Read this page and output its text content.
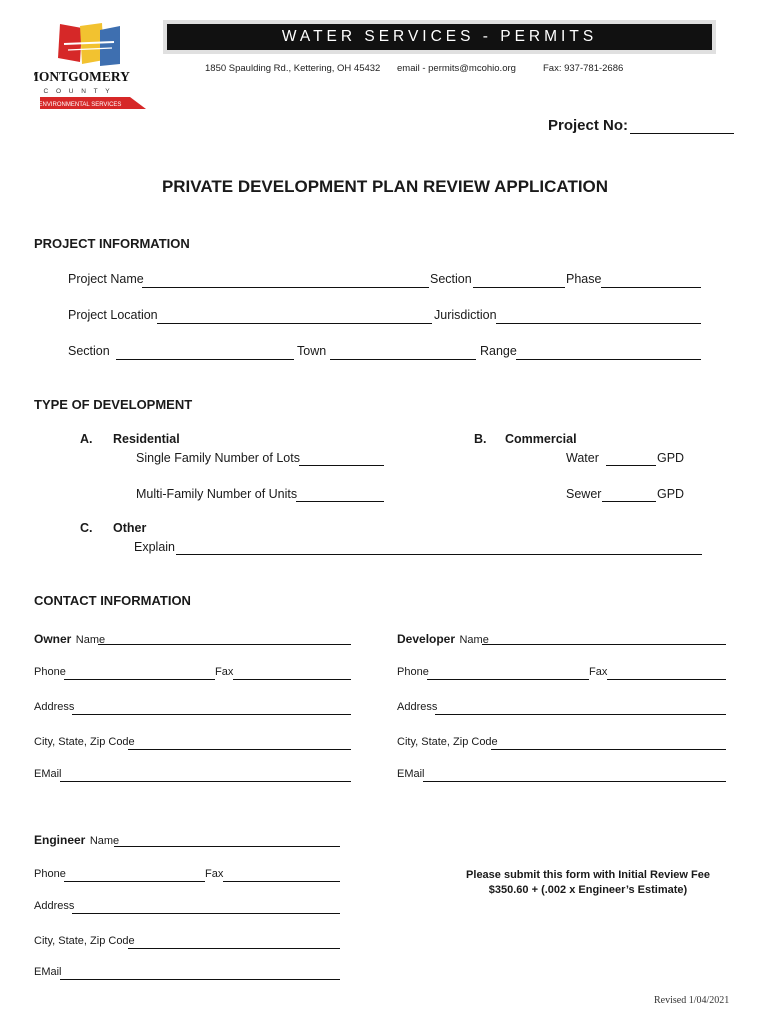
MONTGOMERY
C O U N T Y
ENVIRONMENTAL SERVICES
WATER SERVICES - PERMITS
1850 Spaulding Rd., Kettering, OH 45432 email - permits@mcohio.org	Fax: 937-781-2686
Project No:
PRIVATE DEVELOPMENT PLAN REVIEW APPLICATION
PROJECT INFORMATION
Project Name	Section	Phase
Project Location	Jurisdiction
Section	Town	Range
TYPE OF DEVELOPMENT
A. Residential
Single Family Number of Lots
Multi-Family Number of Units
B. Commercial
Water	GPD
Sewer	GPD
C. Other
Explain
CONTACT INFORMATION
Owner Name
Phone	Fax
Address
City, State, Zip Code
EMail
Developer Name
Phone	Fax
Address
City, State, Zip Code
EMail
Engineer Name
Phone	Fax
Address
City, State, Zip Code
EMail
Please submit this form with Initial Review Fee
$350.60 + (.002 x Engineer’s Estimate)
Revised 1/04/2021
